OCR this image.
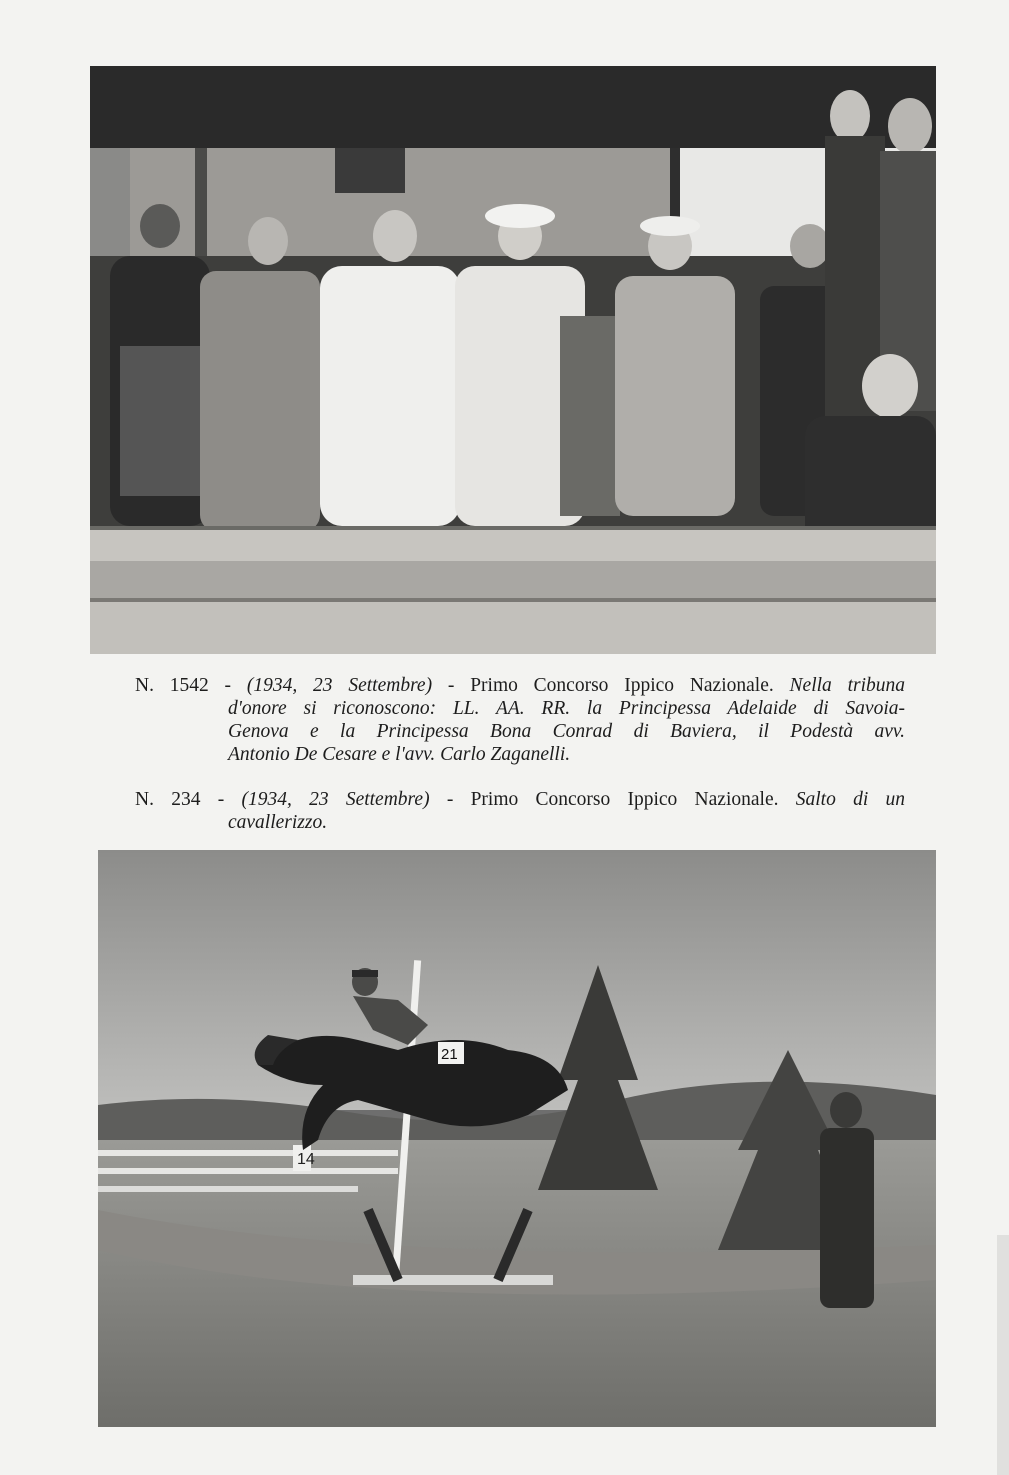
N. 1542 - (1934, 23 Settembre) - Primo Concorso Ippico Nazionale. Nella tribuna
d'onore si riconoscono: LL. AA. RR. la Principessa Adelaide di Savoia-
Genova e la Principessa Bona Conrad di Baviera, il Podestà avv.
Antonio De Cesare e l'avv. Carlo Zaganelli.
N. 234 - (1934, 23 Settembre) - Primo Concorso Ippico Nazionale. Salto di un
cavallerizzo.
14
21
